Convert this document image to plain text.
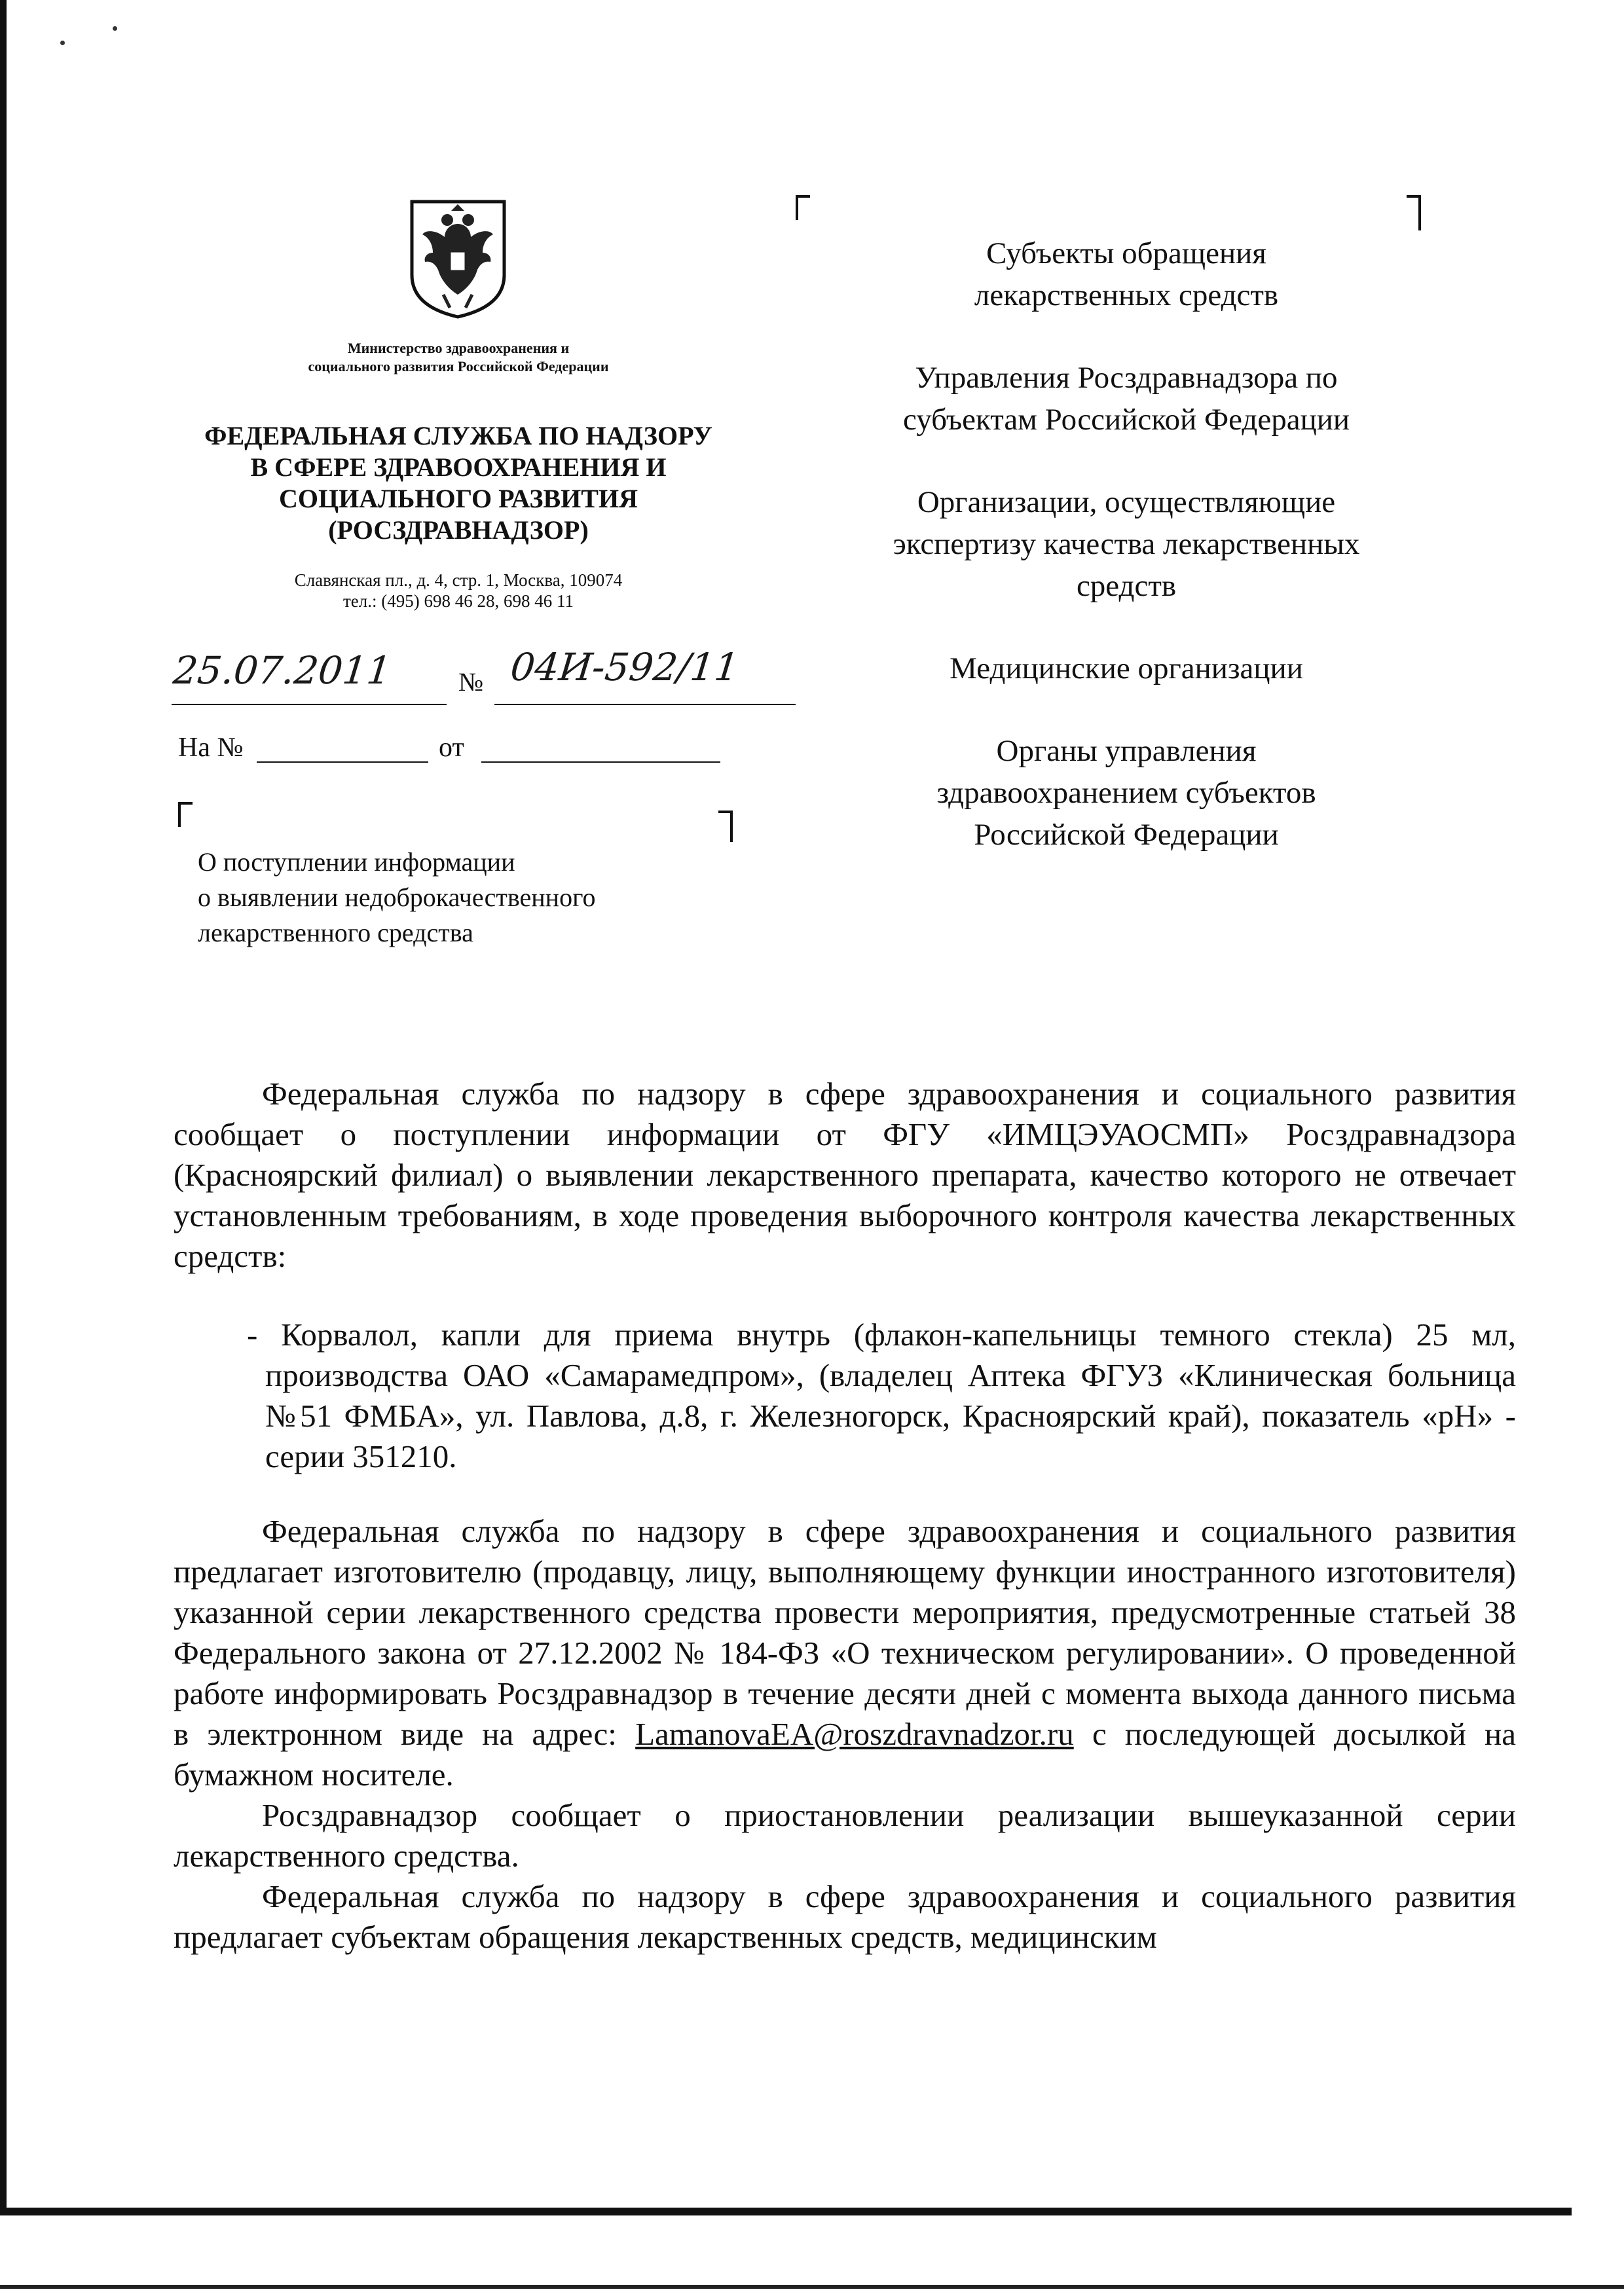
Министерство здравоохранения и
социального развития Российской Федерации
ФЕДЕРАЛЬНАЯ СЛУЖБА ПО НАДЗОРУ
В СФЕРЕ ЗДРАВООХРАНЕНИЯ И
СОЦИАЛЬНОГО РАЗВИТИЯ
(РОСЗДРАВНАДЗОР)
Славянская пл., д. 4, стр. 1, Москва, 109074
тел.: (495) 698 46 28, 698 46 11
25.07.2011 № 04И-592/11
На №	от
О поступлении информации
о выявлении недоброкачественного
лекарственного средства
Субъекты обращения
лекарственных средств
Управления Росздравнадзора по
субъектам Российской Федерации
Организации, осуществляющие
экспертизу качества лекарственных
средств
Медицинские организации
Органы управления
здравоохранением субъектов
Российской Федерации

Федеральная служба по надзору в сфере здравоохранения и социального развития сообщает о поступлении информации от ФГУ «ИМЦЭУАОСМП» Росздравнадзора (Красноярский филиал) о выявлении лекарственного препарата, качество которого не отвечает установленным требованиям, в ходе проведения выборочного контроля качества лекарственных средств:

- Корвалол, капли для приема внутрь (флакон-капельницы темного стекла) 25 мл, производства ОАО «Самарамедпром», (владелец Аптека ФГУЗ «Клиническая больница №51 ФМБА», ул. Павлова, д.8, г. Железногорск, Красноярский край), показатель «рН» - серии 351210.

Федеральная служба по надзору в сфере здравоохранения и социального развития предлагает изготовителю (продавцу, лицу, выполняющему функции иностранного изготовителя) указанной серии лекарственного средства провести мероприятия, предусмотренные статьей 38 Федерального закона от 27.12.2002 № 184-ФЗ «О техническом регулировании». О проведенной работе информировать Росздравнадзор в течение десяти дней с момента выхода данного письма в электронном виде на адрес: LamanovaEA@roszdravnadzor.ru с последующей досылкой на бумажном носителе.

Росздравнадзор сообщает о приостановлении реализации вышеуказанной серии лекарственного средства.

Федеральная служба по надзору в сфере здравоохранения и социального развития предлагает субъектам обращения лекарственных средств, медицинским
